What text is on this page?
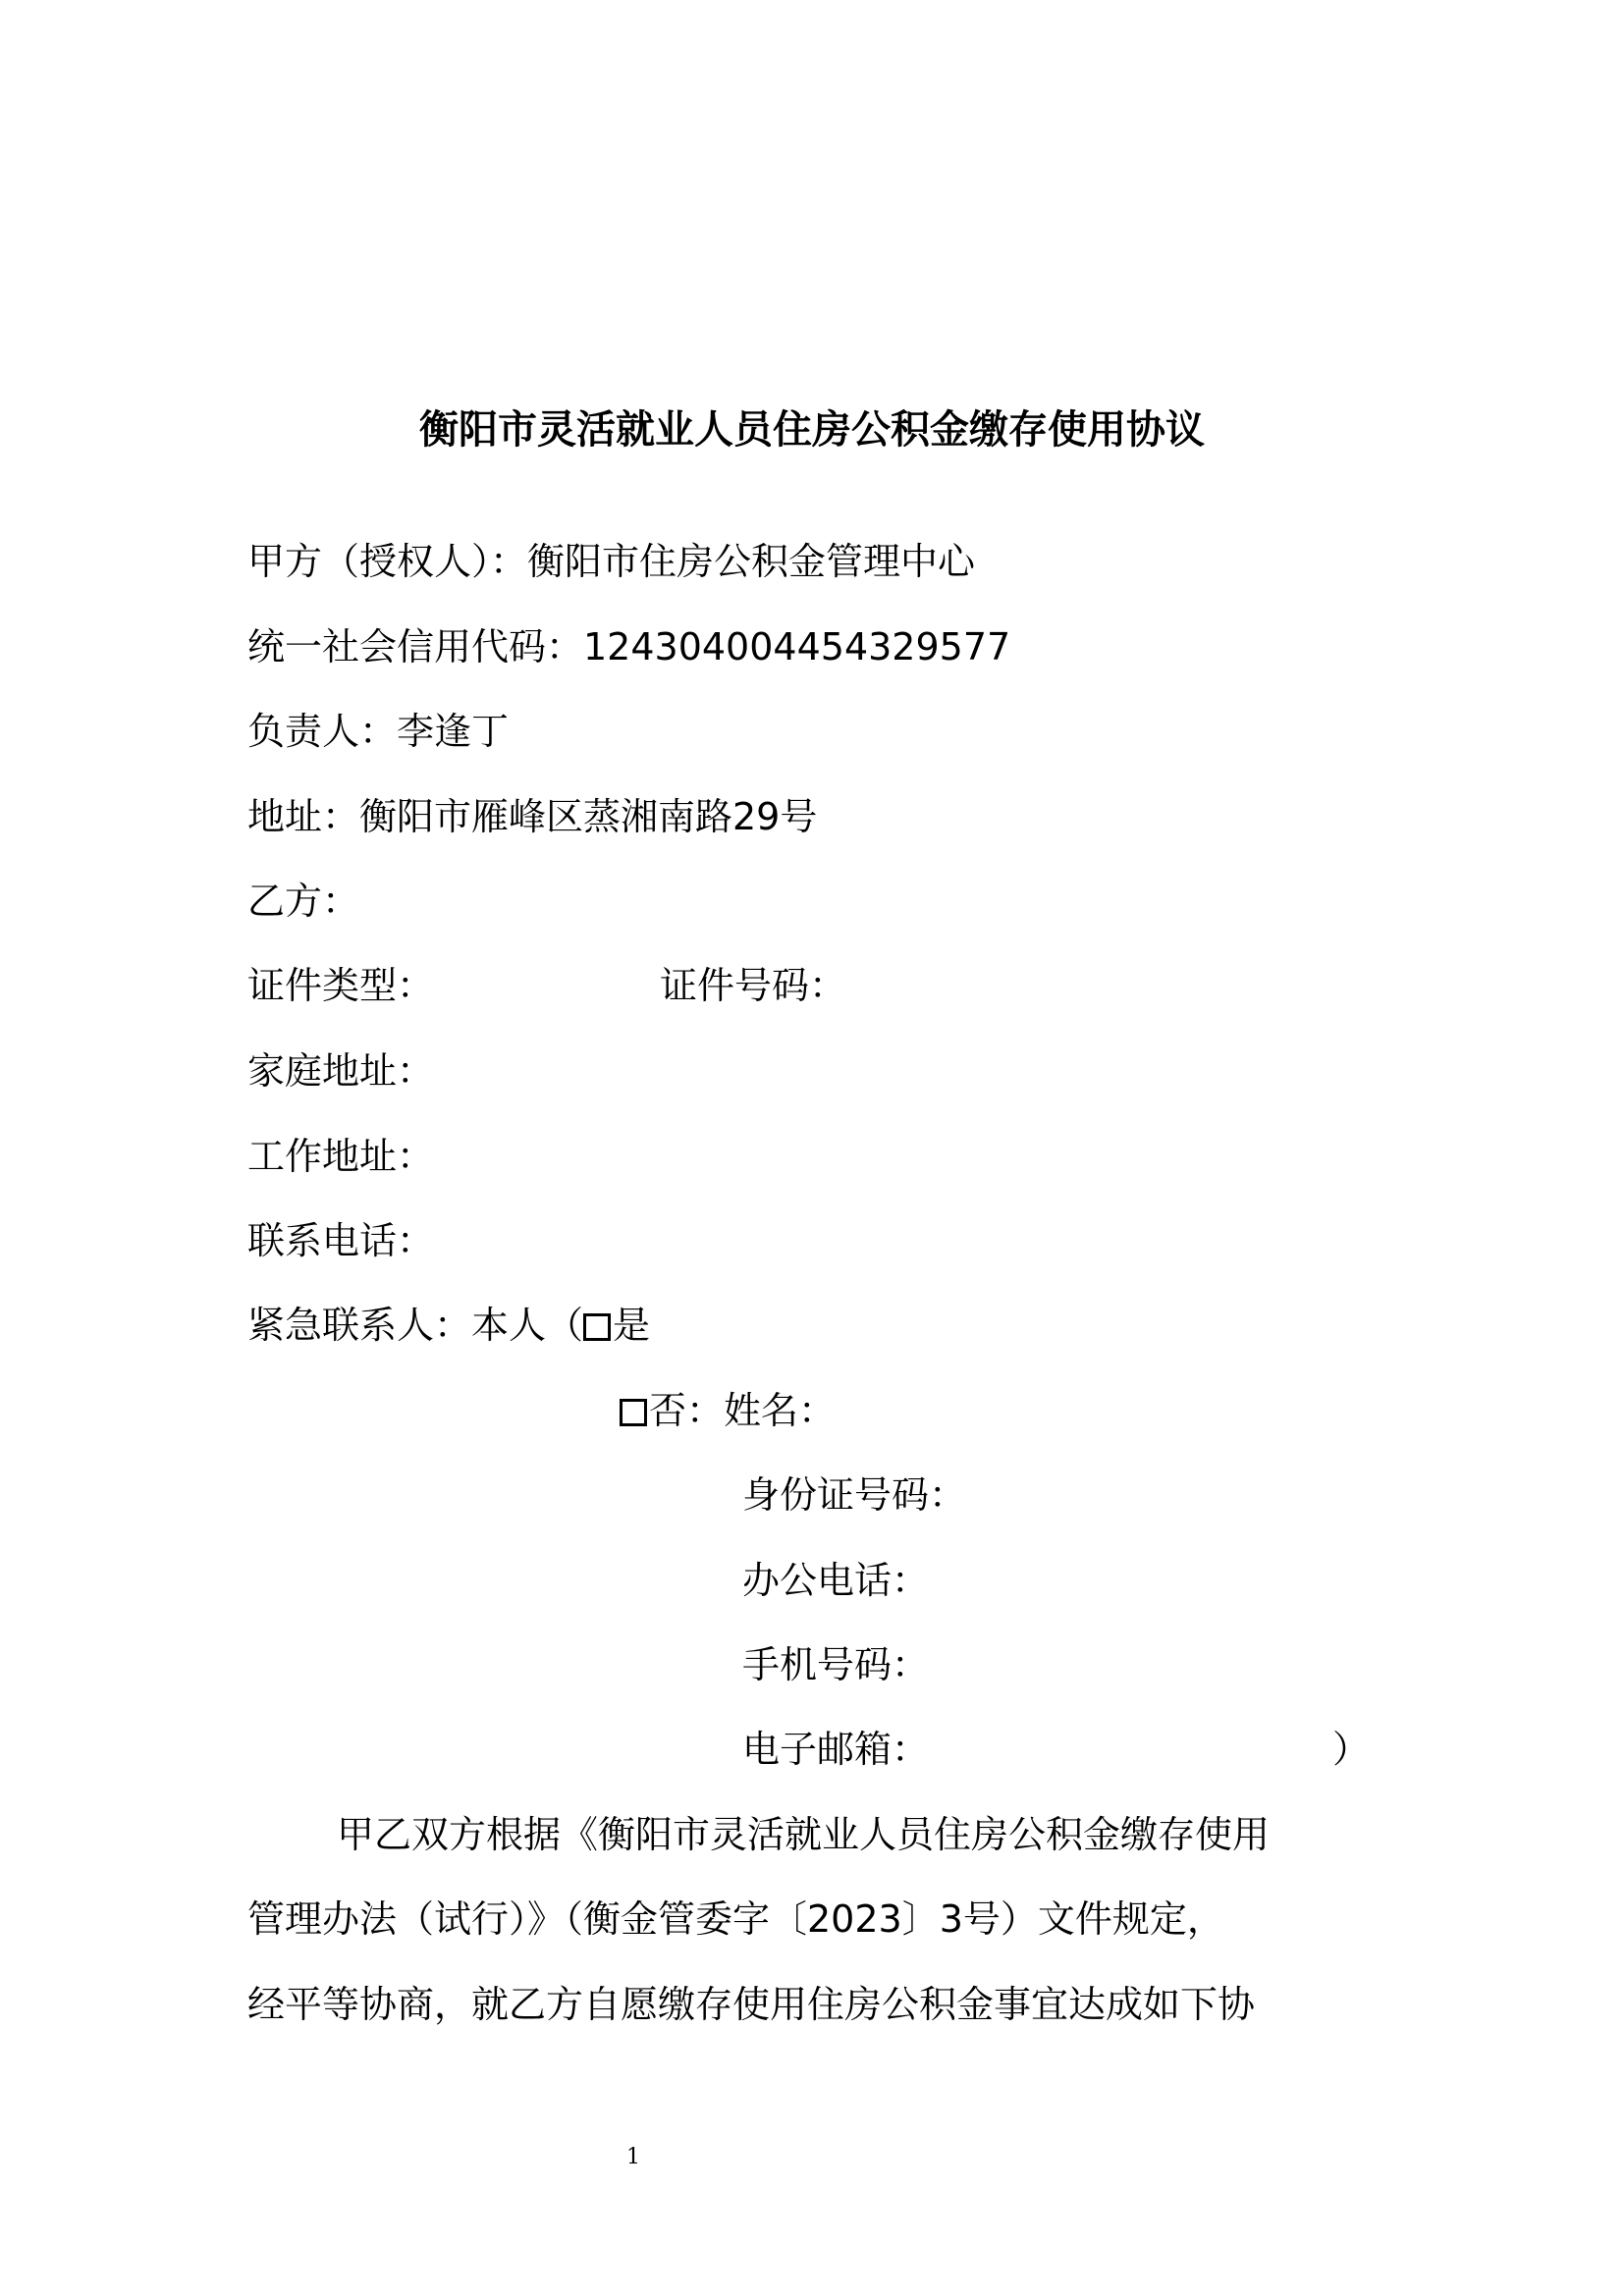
衡阳市灵活就业人员住房公积金缴存使用协议
甲方（授权人）：衡阳市住房公积金管理中心
统一社会信用代码：124304004454329577
负责人：李逢丁
地址：衡阳市雁峰区蒸湘南路29号
乙方：
证件类型：	证件号码：
家庭地址：
工作地址：
联系电话：
紧急联系人：本人（ 是
否：姓名：
身份证号码：
办公电话：
手机号码：
电子邮箱：	）
甲乙双方根据《衡阳市灵活就业人员住房公积金缴存使用
管理办法（试行）》（衡金管委字〔2023〕3号）文件规定，
经平等协商，就乙方自愿缴存使用住房公积金事宜达成如下协
1
